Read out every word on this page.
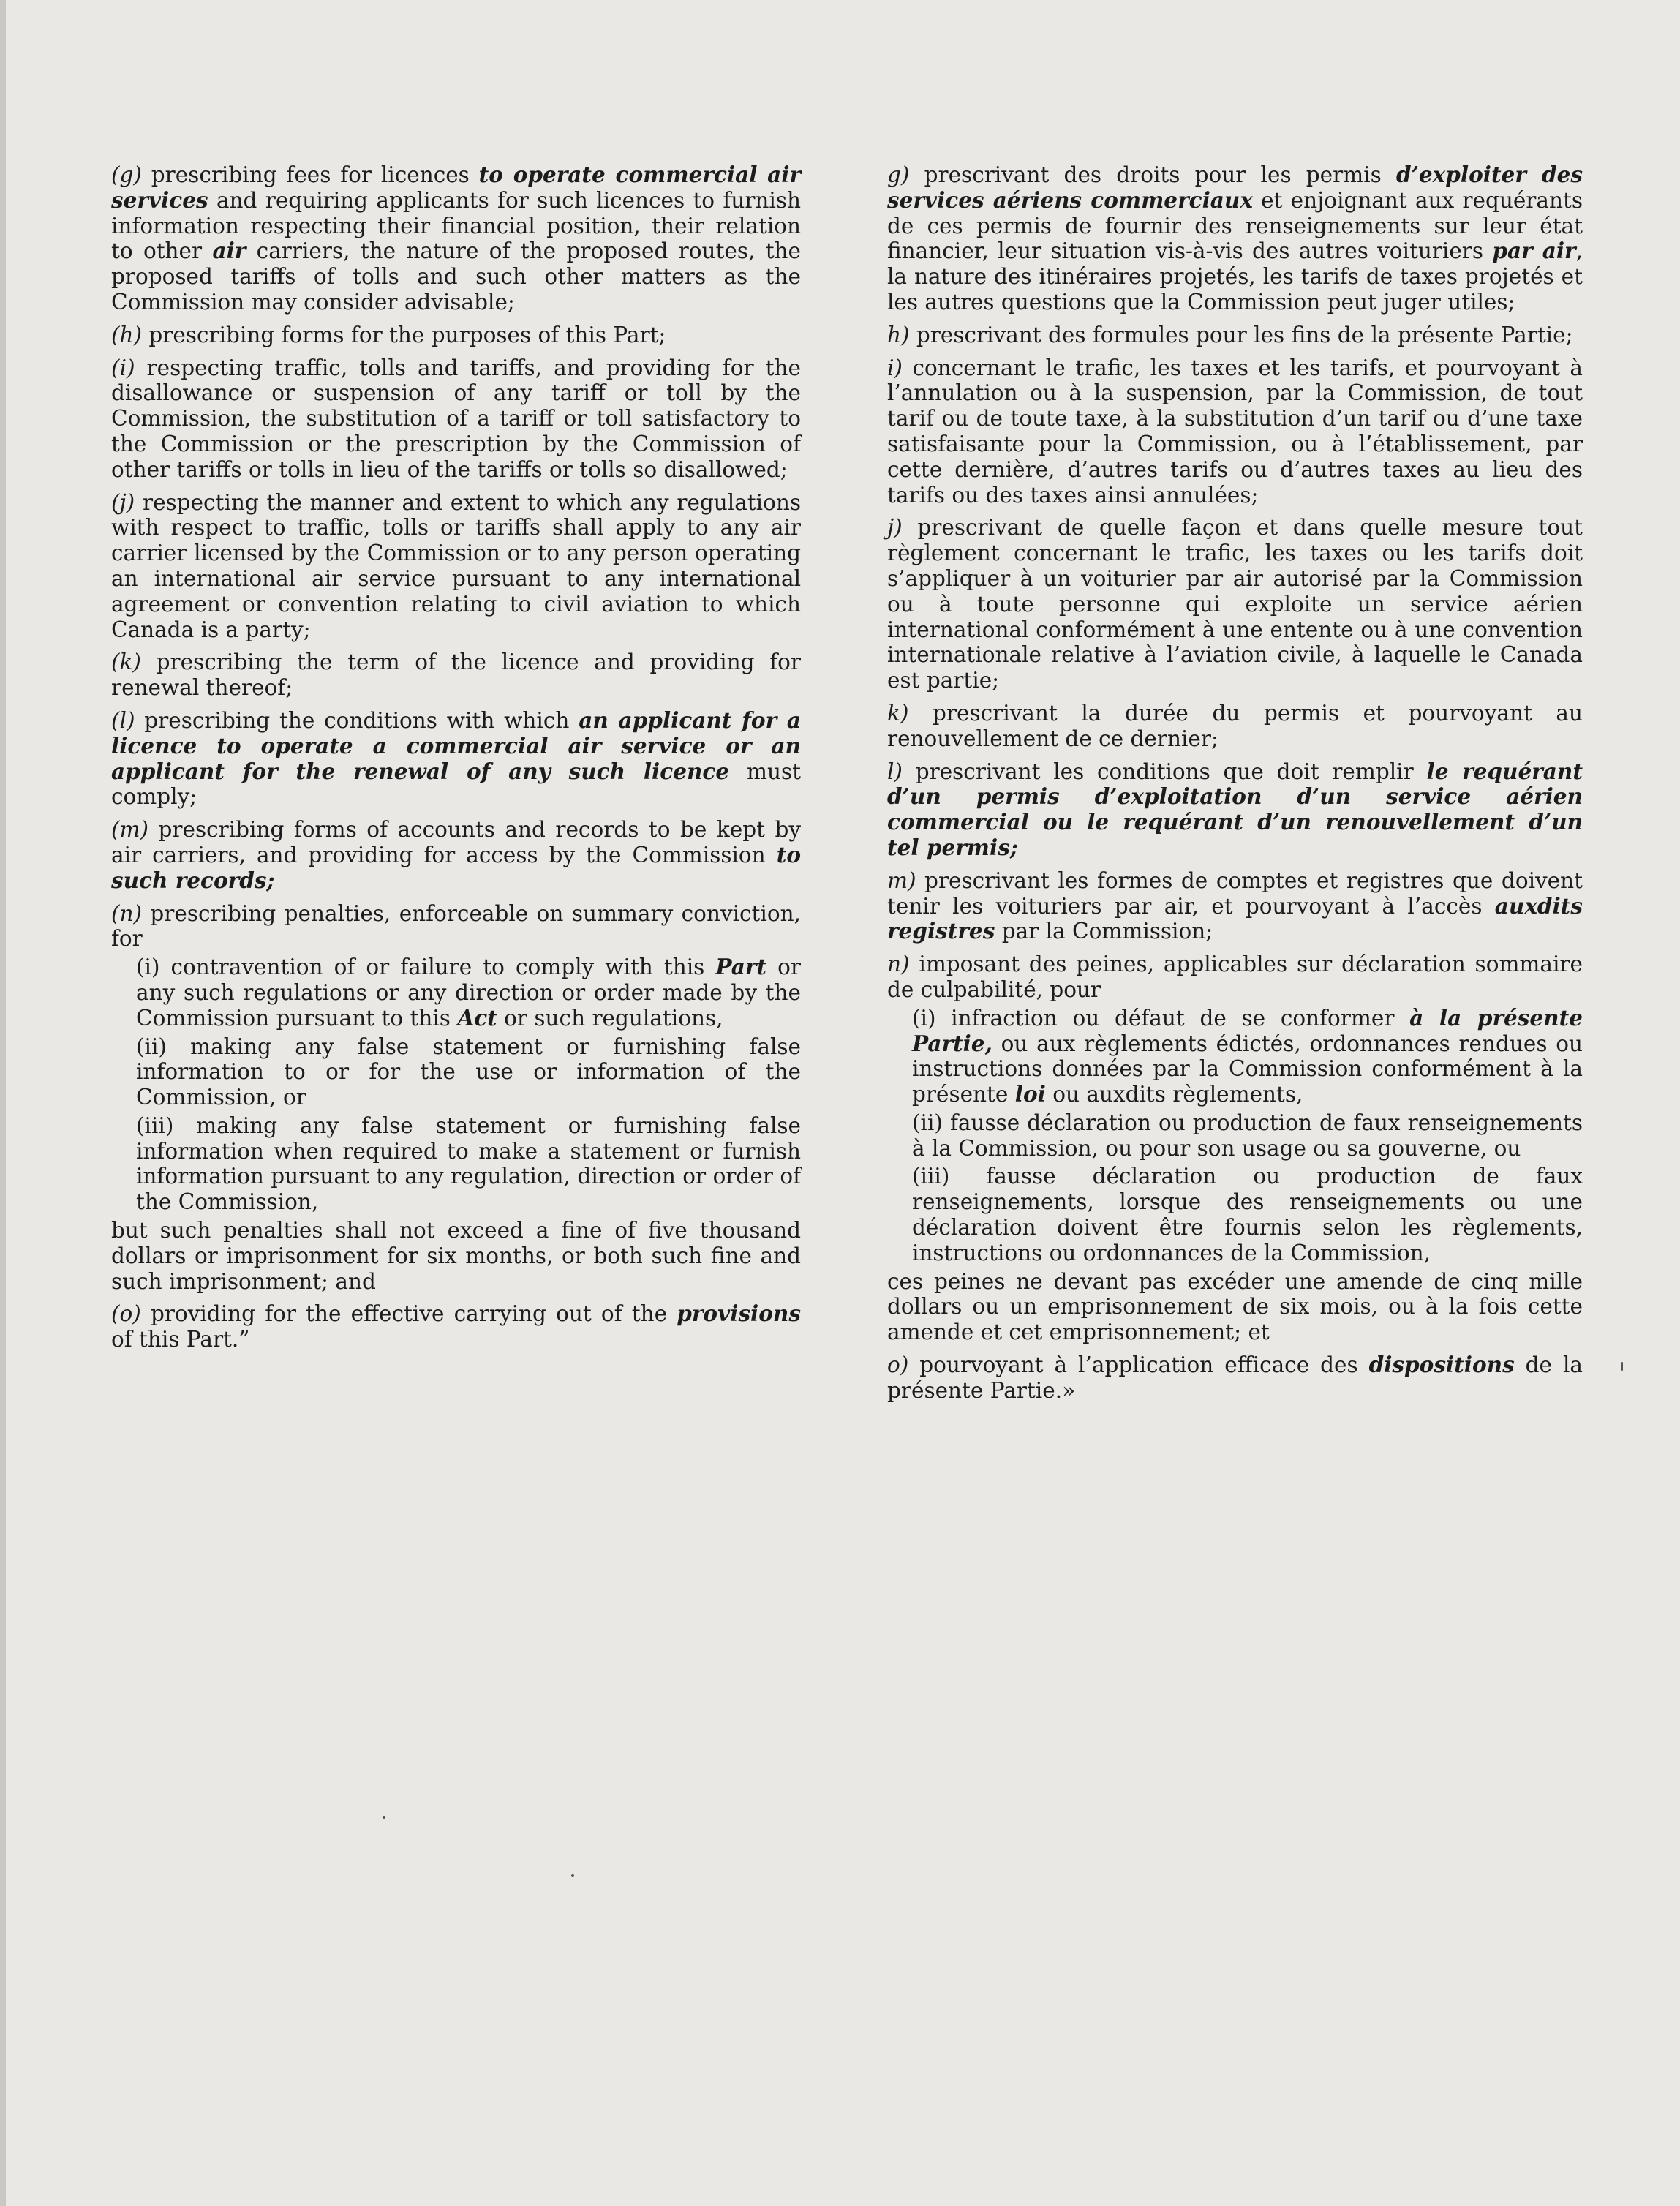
(g) prescribing fees for licences to operate commercial air services and requiring applicants for such licences to furnish information respecting their financial position, their relation to other air carriers, the nature of the proposed routes, the proposed tariffs of tolls and such other matters as the Commission may consider advisable;

(h) prescribing forms for the purposes of this Part;

(i) respecting traffic, tolls and tariffs, and providing for the disallowance or suspension of any tariff or toll by the Commission, the substitution of a tariff or toll satisfactory to the Commission or the prescription by the Commission of other tariffs or tolls in lieu of the tariffs or tolls so disallowed;

(j) respecting the manner and extent to which any regulations with respect to traffic, tolls or tariffs shall apply to any air carrier licensed by the Commission or to any person operating an international air service pursuant to any international agreement or convention relating to civil aviation to which Canada is a party;

(k) prescribing the term of the licence and providing for renewal thereof;

(l) prescribing the conditions with which an applicant for a licence to operate a commercial air service or an applicant for the renewal of any such licence must comply;

(m) prescribing forms of accounts and records to be kept by air carriers, and providing for access by the Commission to such records;

(n) prescribing penalties, enforceable on summary conviction, for

(i) contravention of or failure to comply with this Part or any such regulations or any direction or order made by the Commission pursuant to this Act or such regulations,

(ii) making any false statement or furnishing false information to or for the use or information of the Commission, or

(iii) making any false statement or furnishing false information when required to make a statement or furnish information pursuant to any regulation, direction or order of the Commission,

but such penalties shall not exceed a fine of five thousand dollars or imprisonment for six months, or both such fine and such imprisonment; and

(o) providing for the effective carrying out of the provisions of this Part.”

g) prescrivant des droits pour les permis d’exploiter des services aériens commerciaux et enjoignant aux requérants de ces permis de fournir des renseignements sur leur état financier, leur situation vis-à-vis des autres voituriers par air, la nature des itinéraires projetés, les tarifs de taxes projetés et les autres questions que la Commission peut juger utiles;

h) prescrivant des formules pour les fins de la présente Partie;

i) concernant le trafic, les taxes et les tarifs, et pourvoyant à l’annulation ou à la suspension, par la Commission, de tout tarif ou de toute taxe, à la substitution d’un tarif ou d’une taxe satisfaisante pour la Commission, ou à l’établissement, par cette dernière, d’autres tarifs ou d’autres taxes au lieu des tarifs ou des taxes ainsi annulées;

j) prescrivant de quelle façon et dans quelle mesure tout règlement concernant le trafic, les taxes ou les tarifs doit s’appliquer à un voiturier par air autorisé par la Commission ou à toute personne qui exploite un service aérien international conformément à une entente ou à une convention internationale relative à l’aviation civile, à laquelle le Canada est partie;

k) prescrivant la durée du permis et pourvoyant au renouvellement de ce dernier;

l) prescrivant les conditions que doit remplir le requérant d’un permis d’exploitation d’un service aérien commercial ou le requérant d’un renouvellement d’un tel permis;

m) prescrivant les formes de comptes et registres que doivent tenir les voituriers par air, et pourvoyant à l’accès auxdits registres par la Commission;

n) imposant des peines, applicables sur déclaration sommaire de culpabilité, pour

(i) infraction ou défaut de se conformer à la présente Partie, ou aux règlements édictés, ordonnances rendues ou instructions données par la Commission conformément à la présente loi ou auxdits règlements,

(ii) fausse déclaration ou production de faux renseignements à la Commission, ou pour son usage ou sa gouverne, ou

(iii) fausse déclaration ou production de faux renseignements, lorsque des renseignements ou une déclaration doivent être fournis selon les règlements, instructions ou ordonnances de la Commission,

ces peines ne devant pas excéder une amende de cinq mille dollars ou un emprisonnement de six mois, ou à la fois cette amende et cet emprisonnement; et

o) pourvoyant à l’application efficace des dispositions de la présente Partie.»
